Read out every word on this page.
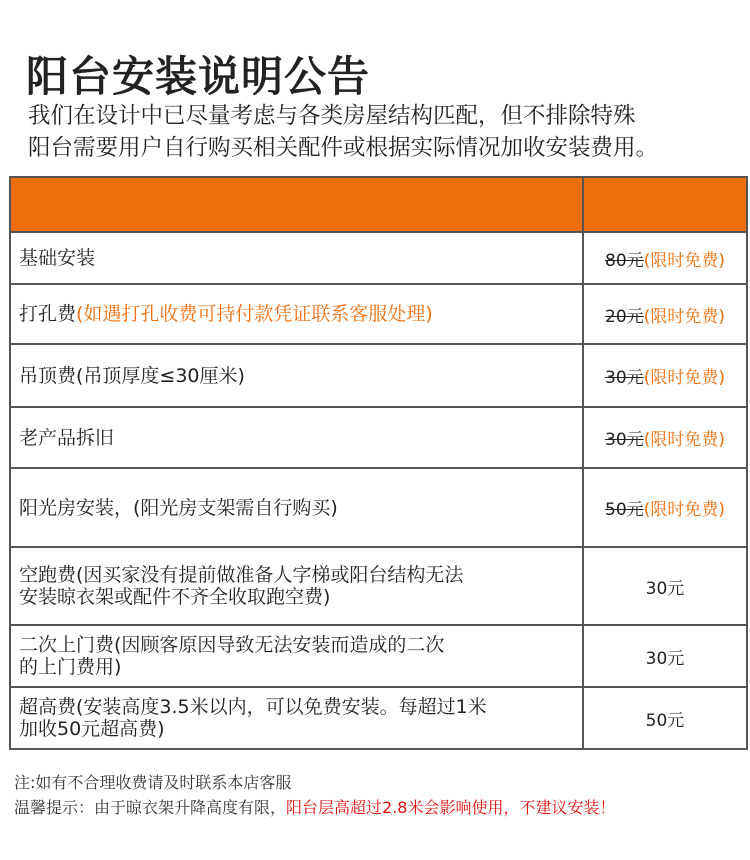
阳台安装说明公告
我们在设计中已尽量考虑与各类房屋结构匹配，但不排除特殊
阳台需要用户自行购买相关配件或根据实际情况加收安装费用。

基础安装	80元(限时免费)
打孔费(如遇打孔收费可持付款凭证联系客服处理)	20元(限时免费)
吊顶费(吊顶厚度≤30厘米)	30元(限时免费)
老产品拆旧	30元(限时免费)
阳光房安装，(阳光房支架需自行购买)	50元(限时免费)

空跑费(因买家没有提前做准备人字梯或阳台结构无法
安装晾衣架或配件不齐全收取跑空费)	30元

二次上门费(因顾客原因导致无法安装而造成的二次
的上门费用)	30元

超高费(安装高度3.5米以内，可以免费安装。每超过1米
加收50元超高费)	50元
注:如有不合理收费请及时联系本店客服
温馨提示：由于晾衣架升降高度有限，阳台层高超过2.8米会影响使用，不建议安装！
